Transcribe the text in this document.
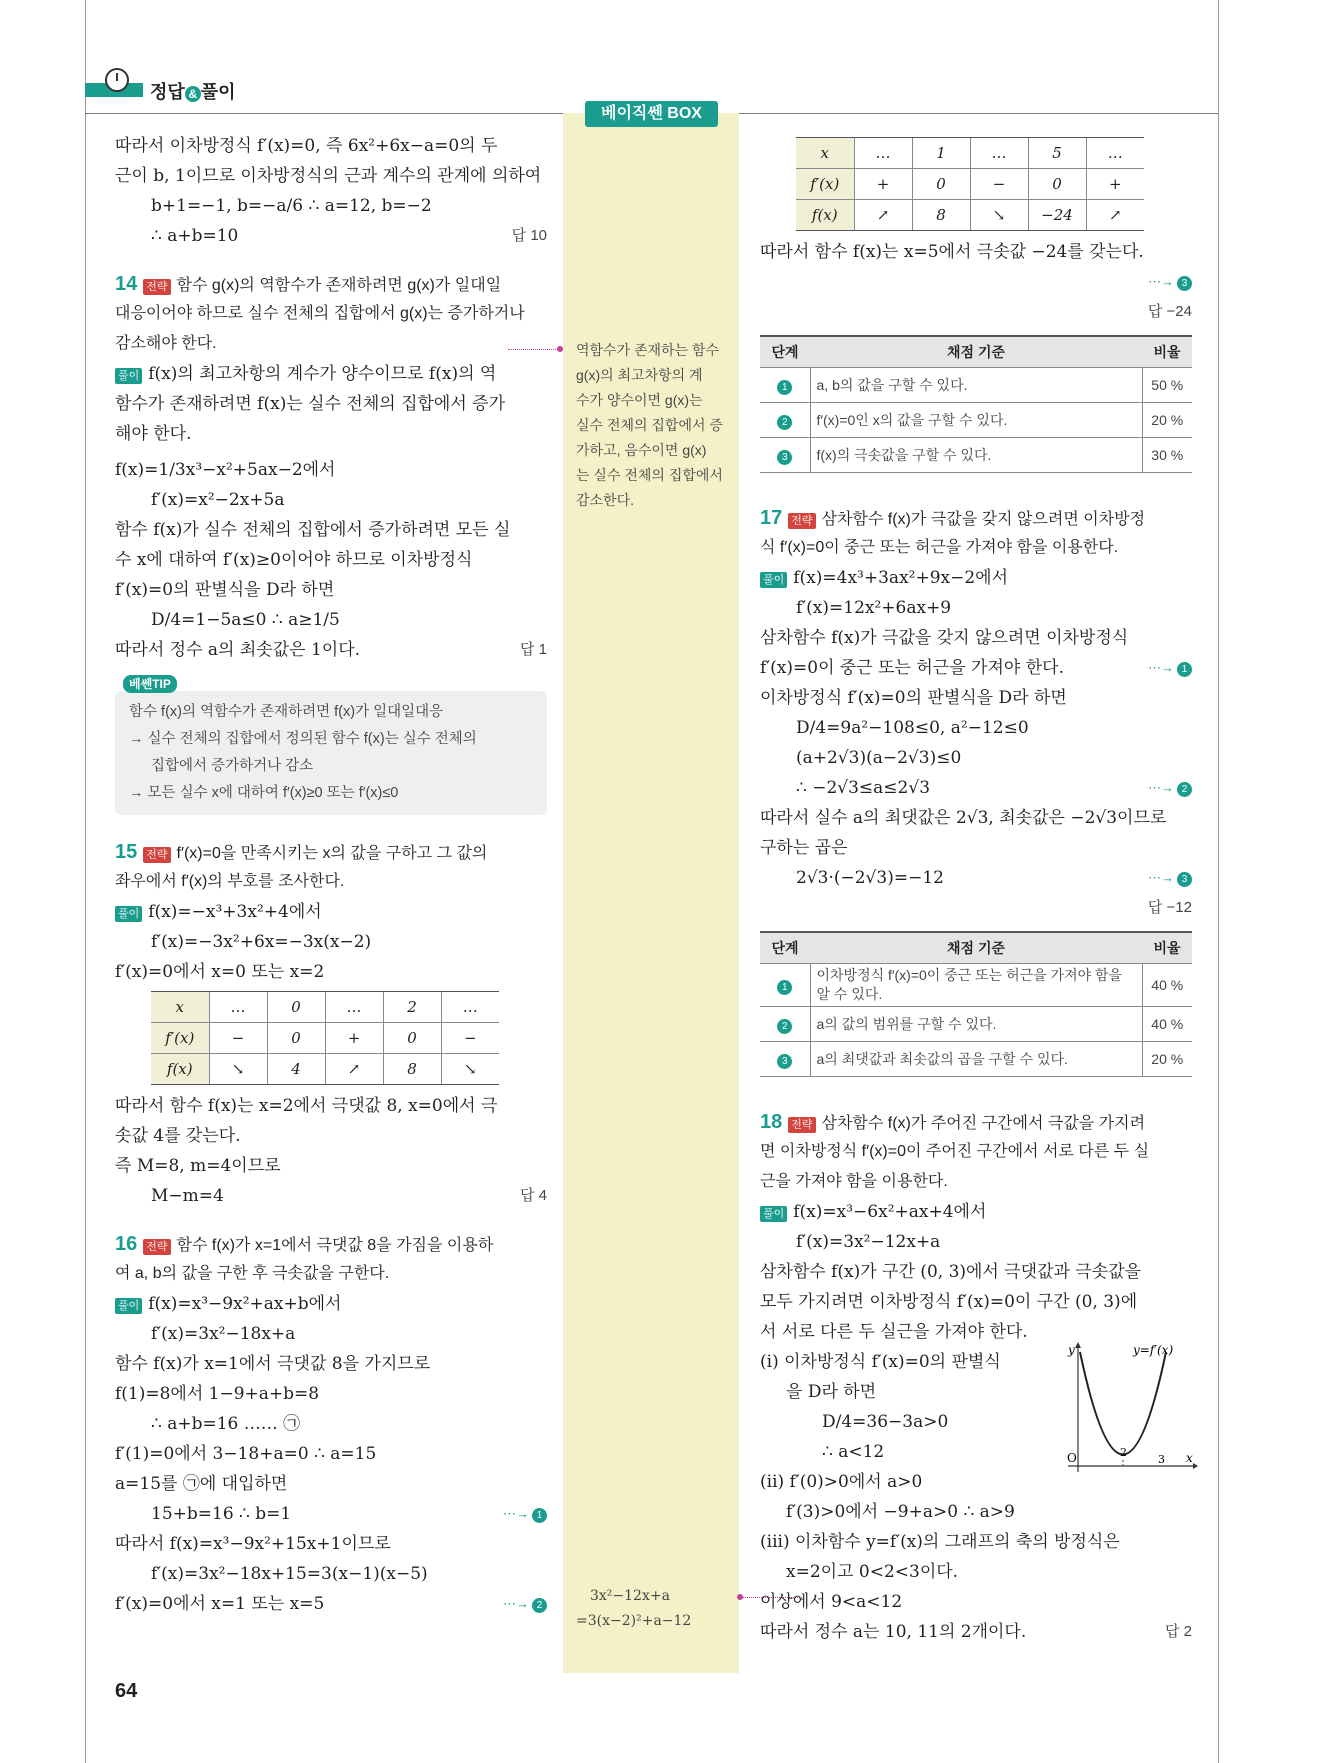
정답 & 풀이
베이직쎈 BOX
따라서 이차방정식 f′(x)=0, 즉 6x²+6x−a=0의 두
근이 b, 1이므로 이차방정식의 근과 계수의 관계에 의하여
b+1=−1, b=−a/6 ∴ a=12, b=−2
∴ a+b=10	답 10
14 전략 함수 g(x)의 역함수가 존재하려면 g(x)가 일대일
대응이어야 하므로 실수 전체의 집합에서 g(x)는 증가하거나
감소해야 한다.
풀이 f(x)의 최고차항의 계수가 양수이므로 f(x)의 역
함수가 존재하려면 f(x)는 실수 전체의 집합에서 증가
해야 한다.
f(x)=1/3x³−x²+5ax−2에서
f′(x)=x²−2x+5a
함수 f(x)가 실수 전체의 집합에서 증가하려면 모든 실
수 x에 대하여 f′(x)≥0이어야 하므로 이차방정식
f′(x)=0의 판별식을 D라 하면
D/4=1−5a≤0 ∴ a≥1/5
따라서 정수 a의 최솟값은 1이다.	답 1
베쎈TIP
함수 f(x)의 역함수가 존재하려면 f(x)가 일대일대응
→ 실수 전체의 집합에서 정의된 함수 f(x)는 실수 전체의
집합에서 증가하거나 감소
→ 모든 실수 x에 대하여 f′(x)≥0 또는 f′(x)≤0
15 전략 f′(x)=0을 만족시키는 x의 값을 구하고 그 값의
좌우에서 f′(x)의 부호를 조사한다.
풀이 f(x)=−x³+3x²+4에서
f′(x)=−3x²+6x=−3x(x−2)
f′(x)=0에서 x=0 또는 x=2
x	…	0	…	2	…
f′(x)	−	0	+	0	−
f(x)	↘	4	↗	8	↘
따라서 함수 f(x)는 x=2에서 극댓값 8, x=0에서 극
솟값 4를 갖는다.
즉 M=8, m=4이므로
M−m=4	답 4
16 전략 함수 f(x)가 x=1에서 극댓값 8을 가짐을 이용하
여 a, b의 값을 구한 후 극솟값을 구한다.
풀이 f(x)=x³−9x²+ax+b에서
f′(x)=3x²−18x+a
함수 f(x)가 x=1에서 극댓값 8을 가지므로
f(1)=8에서 1−9+a+b=8
∴ a+b=16 …… ㉠
f′(1)=0에서 3−18+a=0 ∴ a=15
a=15를 ㉠에 대입하면
15+b=16 ∴ b=1	⋯→ 1
따라서 f(x)=x³−9x²+15x+1이므로
f′(x)=3x²−18x+15=3(x−1)(x−5)
f′(x)=0에서 x=1 또는 x=5	⋯→ 2
역함수가 존재하는 함수
g(x)의 최고차항의 계
수가 양수이면 g(x)는
실수 전체의 집합에서 증
가하고, 음수이면 g(x)
는 실수 전체의 집합에서
감소한다.
3x²−12x+a
=3(x−2)²+a−12
x	…	1	…	5	…
f′(x)	+	0	−	0	+
f(x)	↗	8	↘	−24	↗
따라서 함수 f(x)는 x=5에서 극솟값 −24를 갖는다.
⋯→ 3
답 −24
단계	채점 기준	비율
1	a, b의 값을 구할 수 있다.	50 %
2	f′(x)=0인 x의 값을 구할 수 있다.	20 %
3	f(x)의 극솟값을 구할 수 있다.	30 %
17 전략 삼차함수 f(x)가 극값을 갖지 않으려면 이차방정
식 f′(x)=0이 중근 또는 허근을 가져야 함을 이용한다.
풀이 f(x)=4x³+3ax²+9x−2에서
f′(x)=12x²+6ax+9
삼차함수 f(x)가 극값을 갖지 않으려면 이차방정식
f′(x)=0이 중근 또는 허근을 가져야 한다.	⋯→ 1
이차방정식 f′(x)=0의 판별식을 D라 하면
D/4=9a²−108≤0, a²−12≤0
(a+2√3)(a−2√3)≤0
∴ −2√3≤a≤2√3	⋯→ 2
따라서 실수 a의 최댓값은 2√3, 최솟값은 −2√3이므로
구하는 곱은
2√3·(−2√3)=−12	⋯→ 3
답 −12
단계	채점 기준	비율
1	이차방정식 f′(x)=0이 중근 또는 허근을 가져야 함을 알 수 있다.	40 %
2	a의 값의 범위를 구할 수 있다.	40 %
3	a의 최댓값과 최솟값의 곱을 구할 수 있다.	20 %
18 전략 삼차함수 f(x)가 주어진 구간에서 극값을 가지려
면 이차방정식 f′(x)=0이 주어진 구간에서 서로 다른 두 실
근을 가져야 함을 이용한다.
풀이 f(x)=x³−6x²+ax+4에서
f′(x)=3x²−12x+a
삼차함수 f(x)가 구간 (0, 3)에서 극댓값과 극솟값을
모두 가지려면 이차방정식 f′(x)=0이 구간 (0, 3)에
서 서로 다른 두 실근을 가져야 한다.
(i) 이차방정식 f′(x)=0의 판별식
을 D라 하면
D/4=36−3a>0
∴ a<12
(ii) f′(0)>0에서 a>0
f′(3)>0에서 −9+a>0 ∴ a>9
(iii) 이차함수 y=f′(x)의 그래프의 축의 방정식은
x=2이고 0<2<3이다.
이상에서 9<a<12
따라서 정수 a는 10, 11의 2개이다.	답 2
y	y=f′(x)
x
O	2
3
64
